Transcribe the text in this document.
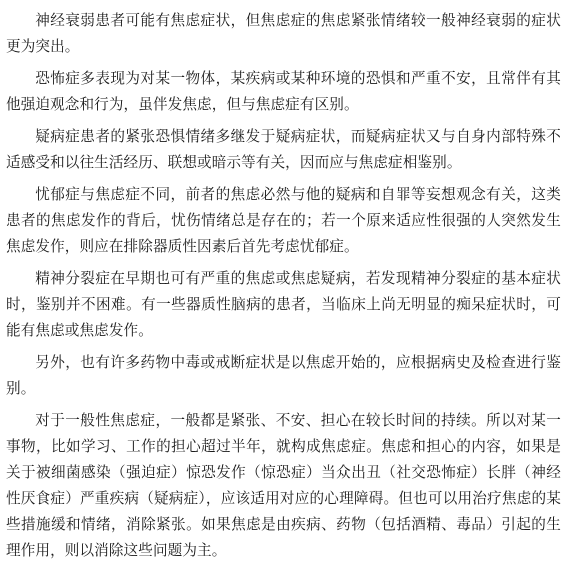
神经衰弱患者可能有焦虑症状，但焦虑症的焦虑紧张情绪较一般神经衰弱的症状更为突出。

恐怖症多表现为对某一物体，某疾病或某种环境的恐惧和严重不安，且常伴有其他强迫观念和行为，虽伴发焦虑，但与焦虑症有区别。

疑病症患者的紧张恐惧情绪多继发于疑病症状，而疑病症状又与自身内部特殊不适感受和以往生活经历、联想或暗示等有关，因而应与焦虑症相鉴别。

忧郁症与焦虑症不同，前者的焦虑必然与他的疑病和自罪等妄想观念有关，这类患者的焦虑发作的背后，忧伤情绪总是存在的；若一个原来适应性很强的人突然发生焦虑发作，则应在排除器质性因素后首先考虑忧郁症。

精神分裂症在早期也可有严重的焦虑或焦虑疑病，若发现精神分裂症的基本症状时，鉴别并不困难。有一些器质性脑病的患者，当临床上尚无明显的痴呆症状时，可能有焦虑或焦虑发作。

另外，也有许多药物中毒或戒断症状是以焦虑开始的，应根据病史及检查进行鉴别。

对于一般性焦虑症，一般都是紧张、不安、担心在较长时间的持续。所以对某一事物，比如学习、工作的担心超过半年，就构成焦虑症。焦虑和担心的内容，如果是关于被细菌感染（强迫症）惊恐发作（惊恐症）当众出丑（社交恐怖症）长胖（神经性厌食症）严重疾病（疑病症），应该适用对应的心理障碍。但也可以用治疗焦虑的某些措施缓和情绪，消除紧张。如果焦虑是由疾病、药物（包括酒精、毒品）引起的生理作用，则以消除这些问题为主。
